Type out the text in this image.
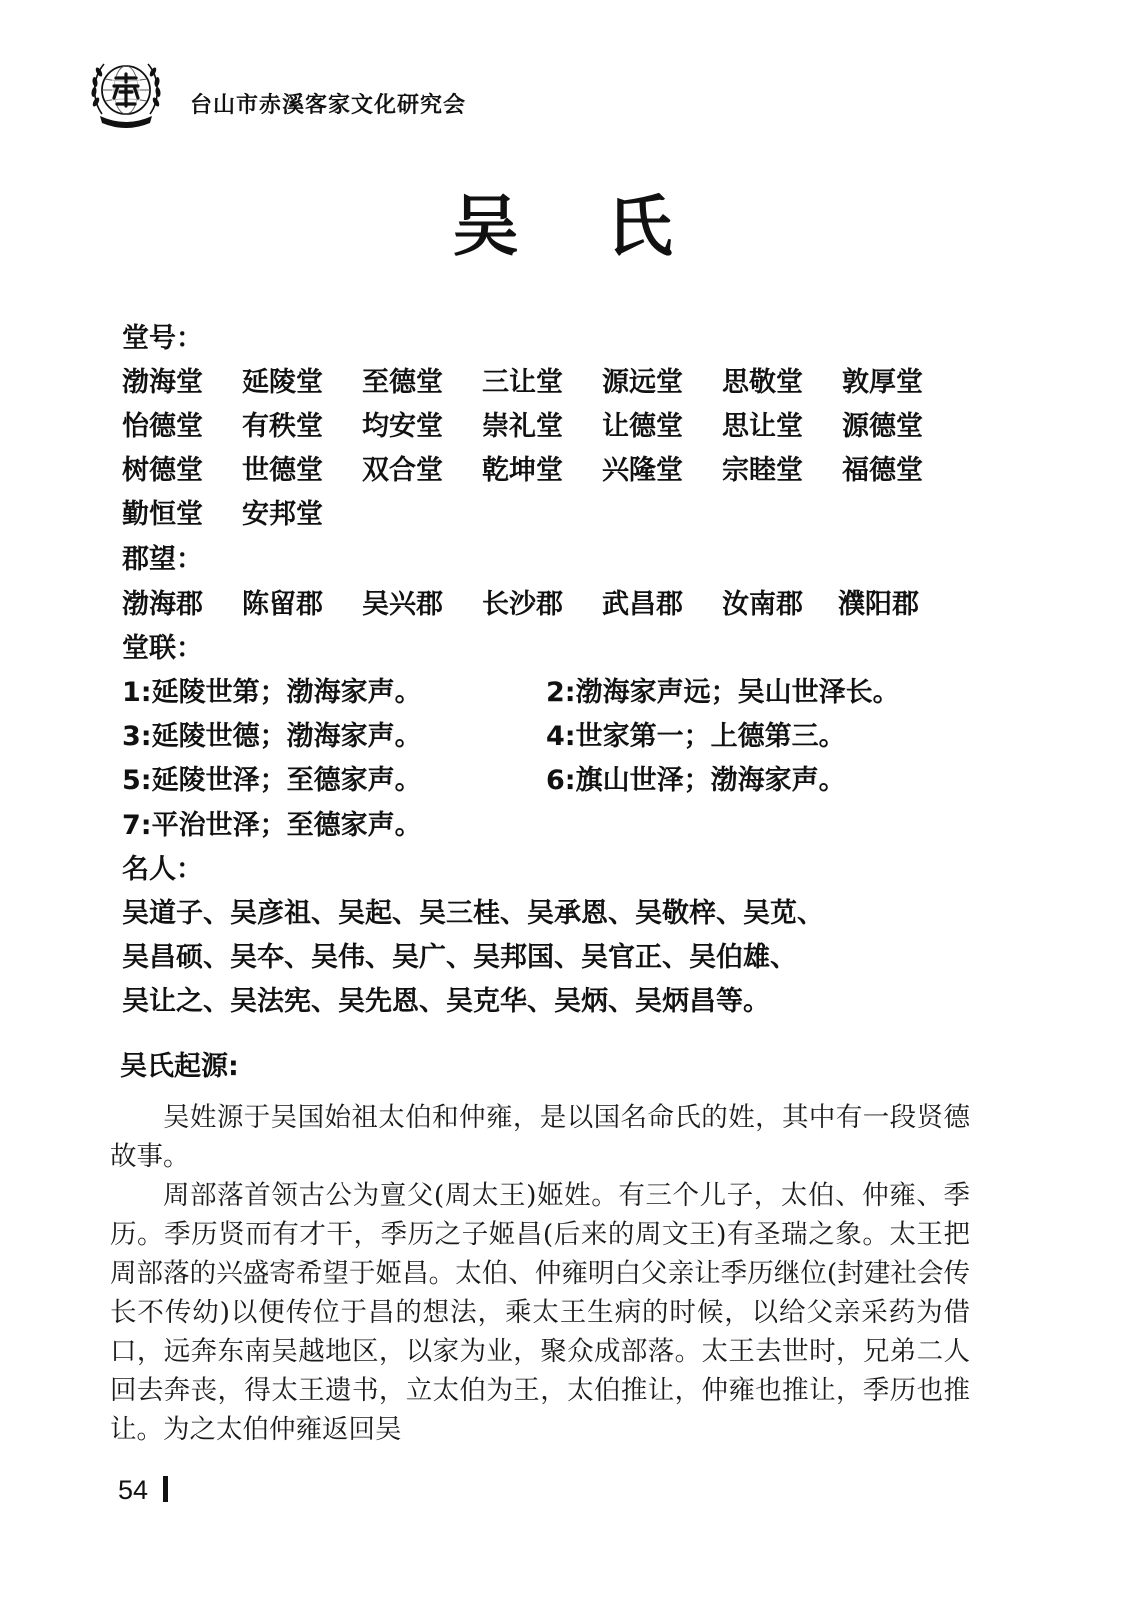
台山市赤溪客家文化研究会
吴 氏
堂号：
渤海堂 延陵堂 至德堂 三让堂 源远堂 思敬堂 敦厚堂
怡德堂 有秩堂 均安堂 崇礼堂 让德堂 思让堂 源德堂
树德堂 世德堂 双合堂 乾坤堂 兴隆堂 宗睦堂 福德堂
勤恒堂 安邦堂
郡望：
渤海郡 陈留郡 吴兴郡 长沙郡 武昌郡 汝南郡 濮阳郡
堂联：
1:延陵世第；渤海家声。	2:渤海家声远；吴山世泽长。
3:延陵世德；渤海家声。	4:世家第一；上德第三。
5:延陵世泽；至德家声。	6:旗山世泽；渤海家声。
7:平治世泽；至德家声。
名人：
吴道子、吴彦祖、吴起、吴三桂、吴承恩、吴敬梓、吴苋、
吴昌硕、吴夲、吴伟、吴广、吴邦国、吴官正、吴伯雄、
吴让之、吴法宪、吴先恩、吴克华、吴炳、吴炳昌等。
吴氏起源:

吴姓源于吴国始祖太伯和仲雍，是以国名命氏的姓，其中有一段贤德故事。

周部落首领古公为亶父(周太王)姬姓。有三个儿子，太伯、仲雍、季历。季历贤而有才干，季历之子姬昌(后来的周文王)有圣瑞之象。太王把周部落的兴盛寄希望于姬昌。太伯、仲雍明白父亲让季历继位(封建社会传长不传幼)以便传位于昌的想法，乘太王生病的时候，以给父亲采药为借口，远奔东南吴越地区，以家为业，聚众成部落。太王去世时，兄弟二人回去奔丧，得太王遗书，立太伯为王，太伯推让，仲雍也推让，季历也推让。为之太伯仲雍返回吴

54
